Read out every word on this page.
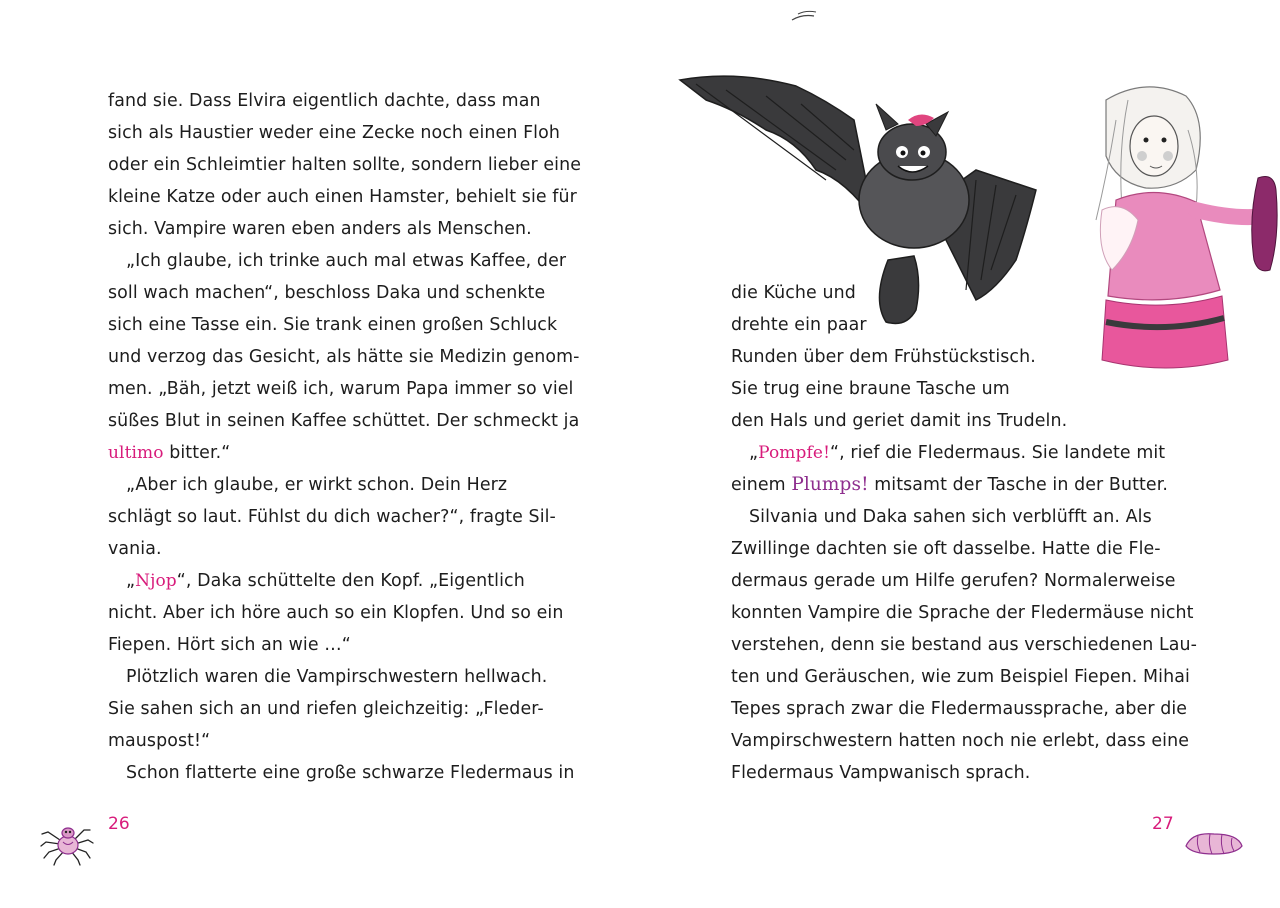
fand sie. Dass Elvira eigentlich dachte, dass man
sich als Haustier weder eine Zecke noch einen Floh
oder ein Schleimtier halten sollte, sondern lieber eine
kleine Katze oder auch einen Hamster, behielt sie für
sich. Vampire waren eben anders als Menschen.
„Ich glaube, ich trinke auch mal etwas Kaffee, der
soll wach machen“, beschloss Daka und schenkte
sich eine Tasse ein. Sie trank einen großen Schluck
und verzog das Gesicht, als hätte sie Medizin genom-
men. „Bäh, jetzt weiß ich, warum Papa immer so viel
süßes Blut in seinen Kaffee schüttet. Der schmeckt ja
ultimo bitter.“
„Aber ich glaube, er wirkt schon. Dein Herz
schlägt so laut. Fühlst du dich wacher?“, fragte Sil-
vania.
„Njop“, Daka schüttelte den Kopf. „Eigentlich
nicht. Aber ich höre auch so ein Klopfen. Und so ein
Fiepen. Hört sich an wie …“
Plötzlich waren die Vampirschwestern hellwach.
Sie sahen sich an und riefen gleichzeitig: „Fleder-
mauspost!“
Schon flatterte eine große schwarze Fledermaus in
26
die Küche und
drehte ein paar
Runden über dem Frühstückstisch.
Sie trug eine braune Tasche um
den Hals und geriet damit ins Trudeln.
„Pompfe!“, rief die Fledermaus. Sie landete mit
einem Plumps! mitsamt der Tasche in der Butter.
Silvania und Daka sahen sich verblüfft an. Als
Zwillinge dachten sie oft dasselbe. Hatte die Fle-
dermaus gerade um Hilfe gerufen? Normalerweise
konnten Vampire die Sprache der Fledermäuse nicht
verstehen, denn sie bestand aus verschiedenen Lau-
ten und Geräuschen, wie zum Beispiel Fiepen. Mihai
Tepes sprach zwar die Fledermaussprache, aber die
Vampirschwestern hatten noch nie erlebt, dass eine
Fledermaus Vampwanisch sprach.
27
